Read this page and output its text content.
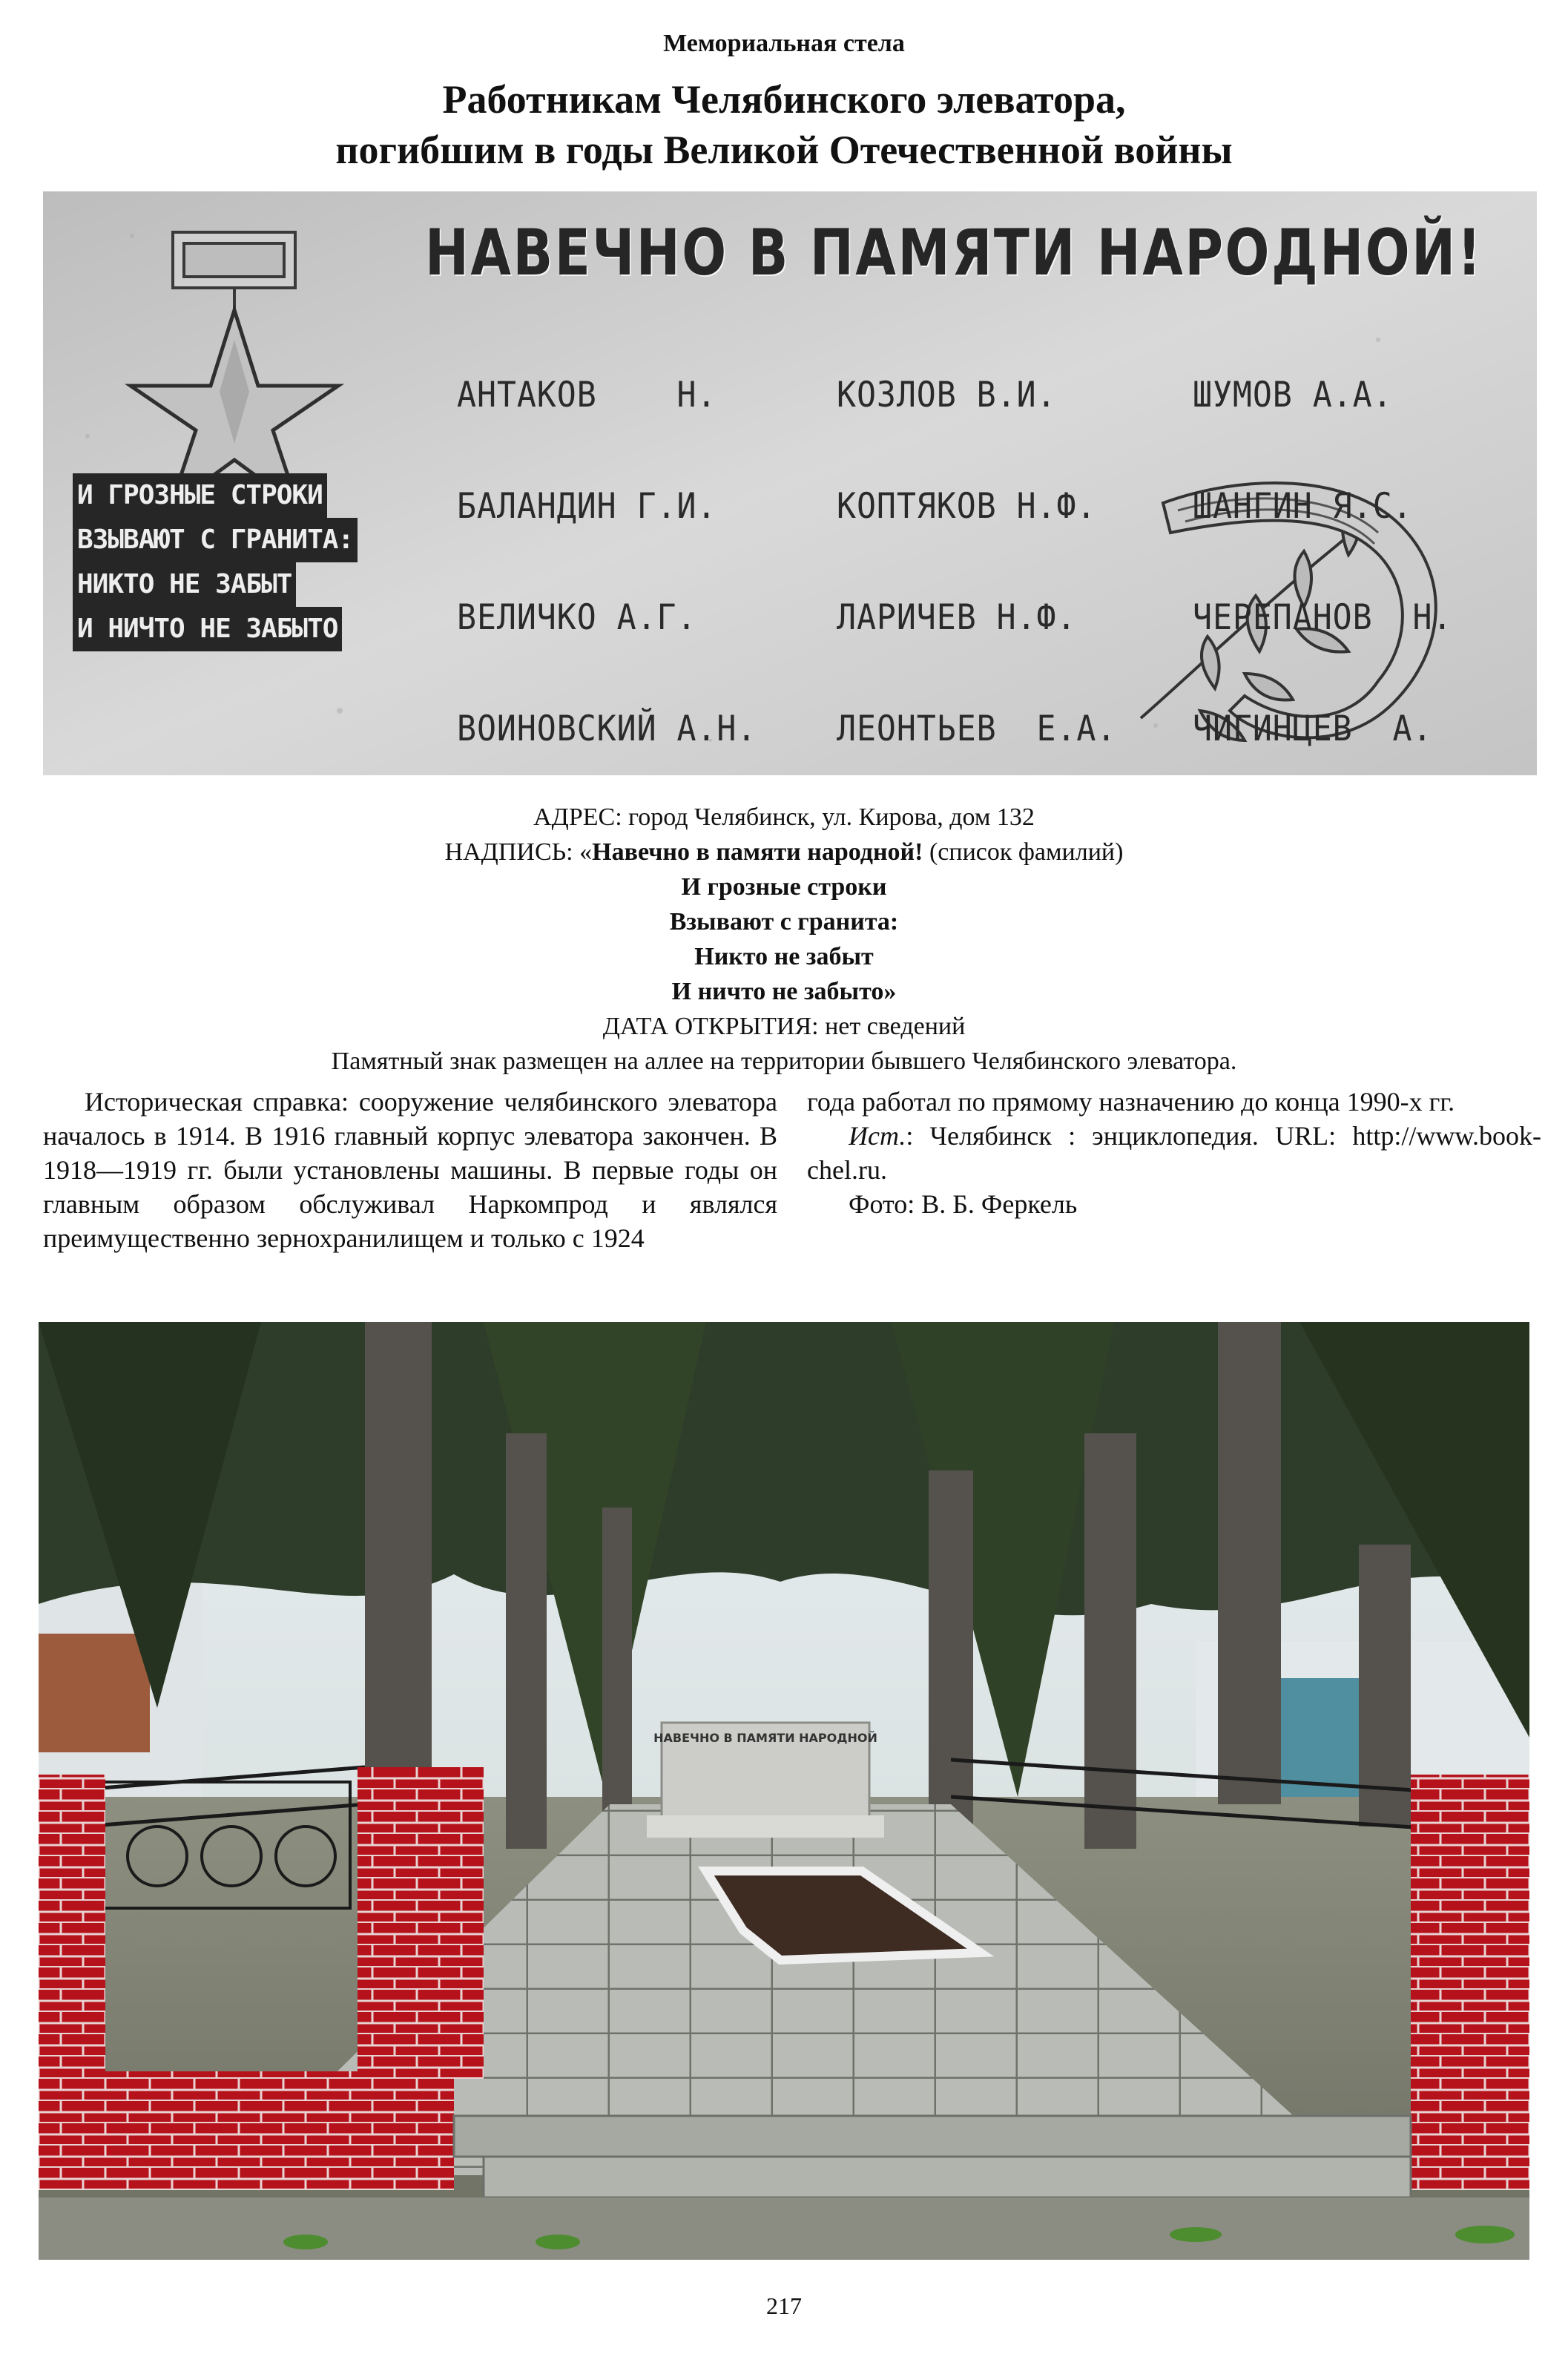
Мемориальная стела
Работникам Челябинского элеватора,
погибшим в годы Великой Отечественной войны
НАВЕЧНО В ПАМЯТИ НАРОДНОЙ!

АНТАКОВ    Н.

БАЛАНДИН Г.И.

ВЕЛИЧКО А.Г.

ВОИНОВСКИЙ А.Н.

КОЗЛОВ В.И.

КОПТЯКОВ Н.Ф.

ЛАРИЧЕВ Н.Ф.

ЛЕОНТЬЕВ  Е.А.

ШУМОВ А.А.

ШАНГИН Я.С.

ЧЕРЕПАНОВ  Н.

ЧИГИНЦЕВ  А.

И ГРОЗНЫЕ СТРОКИ
ВЗЫВАЮТ С ГРАНИТА:
НИКТО НЕ ЗАБЫТ
И НИЧТО НЕ ЗАБЫТО
АДРЕС: город Челябинск, ул. Кирова, дом 132
НАДПИСЬ: «Навечно в памяти народной! (список фамилий)
И грозные строки
Взывают с гранита:
Никто не забыт
И ничто не забыто»
ДАТА ОТКРЫТИЯ: нет сведений
Памятный знак размещен на аллее на территории бывшего Челябинского элеватора.

Историческая справка: сооружение челябинского элеватора началось в 1914. В 1916 главный корпус элеватора закончен. В 1918—1919 гг. были установлены машины. В первые годы он главным образом обслуживал Наркомпрод и являлся преимущественно зернохранилищем и только с 1924

года работал по прямому назначению до конца 1990-х гг.

Ист.: Челябинск : энциклопедия. URL: http://www.book-chel.ru.

Фото: В. Б. Феркель

НАВЕЧНО В ПАМЯТИ НАРОДНОЙ
217
